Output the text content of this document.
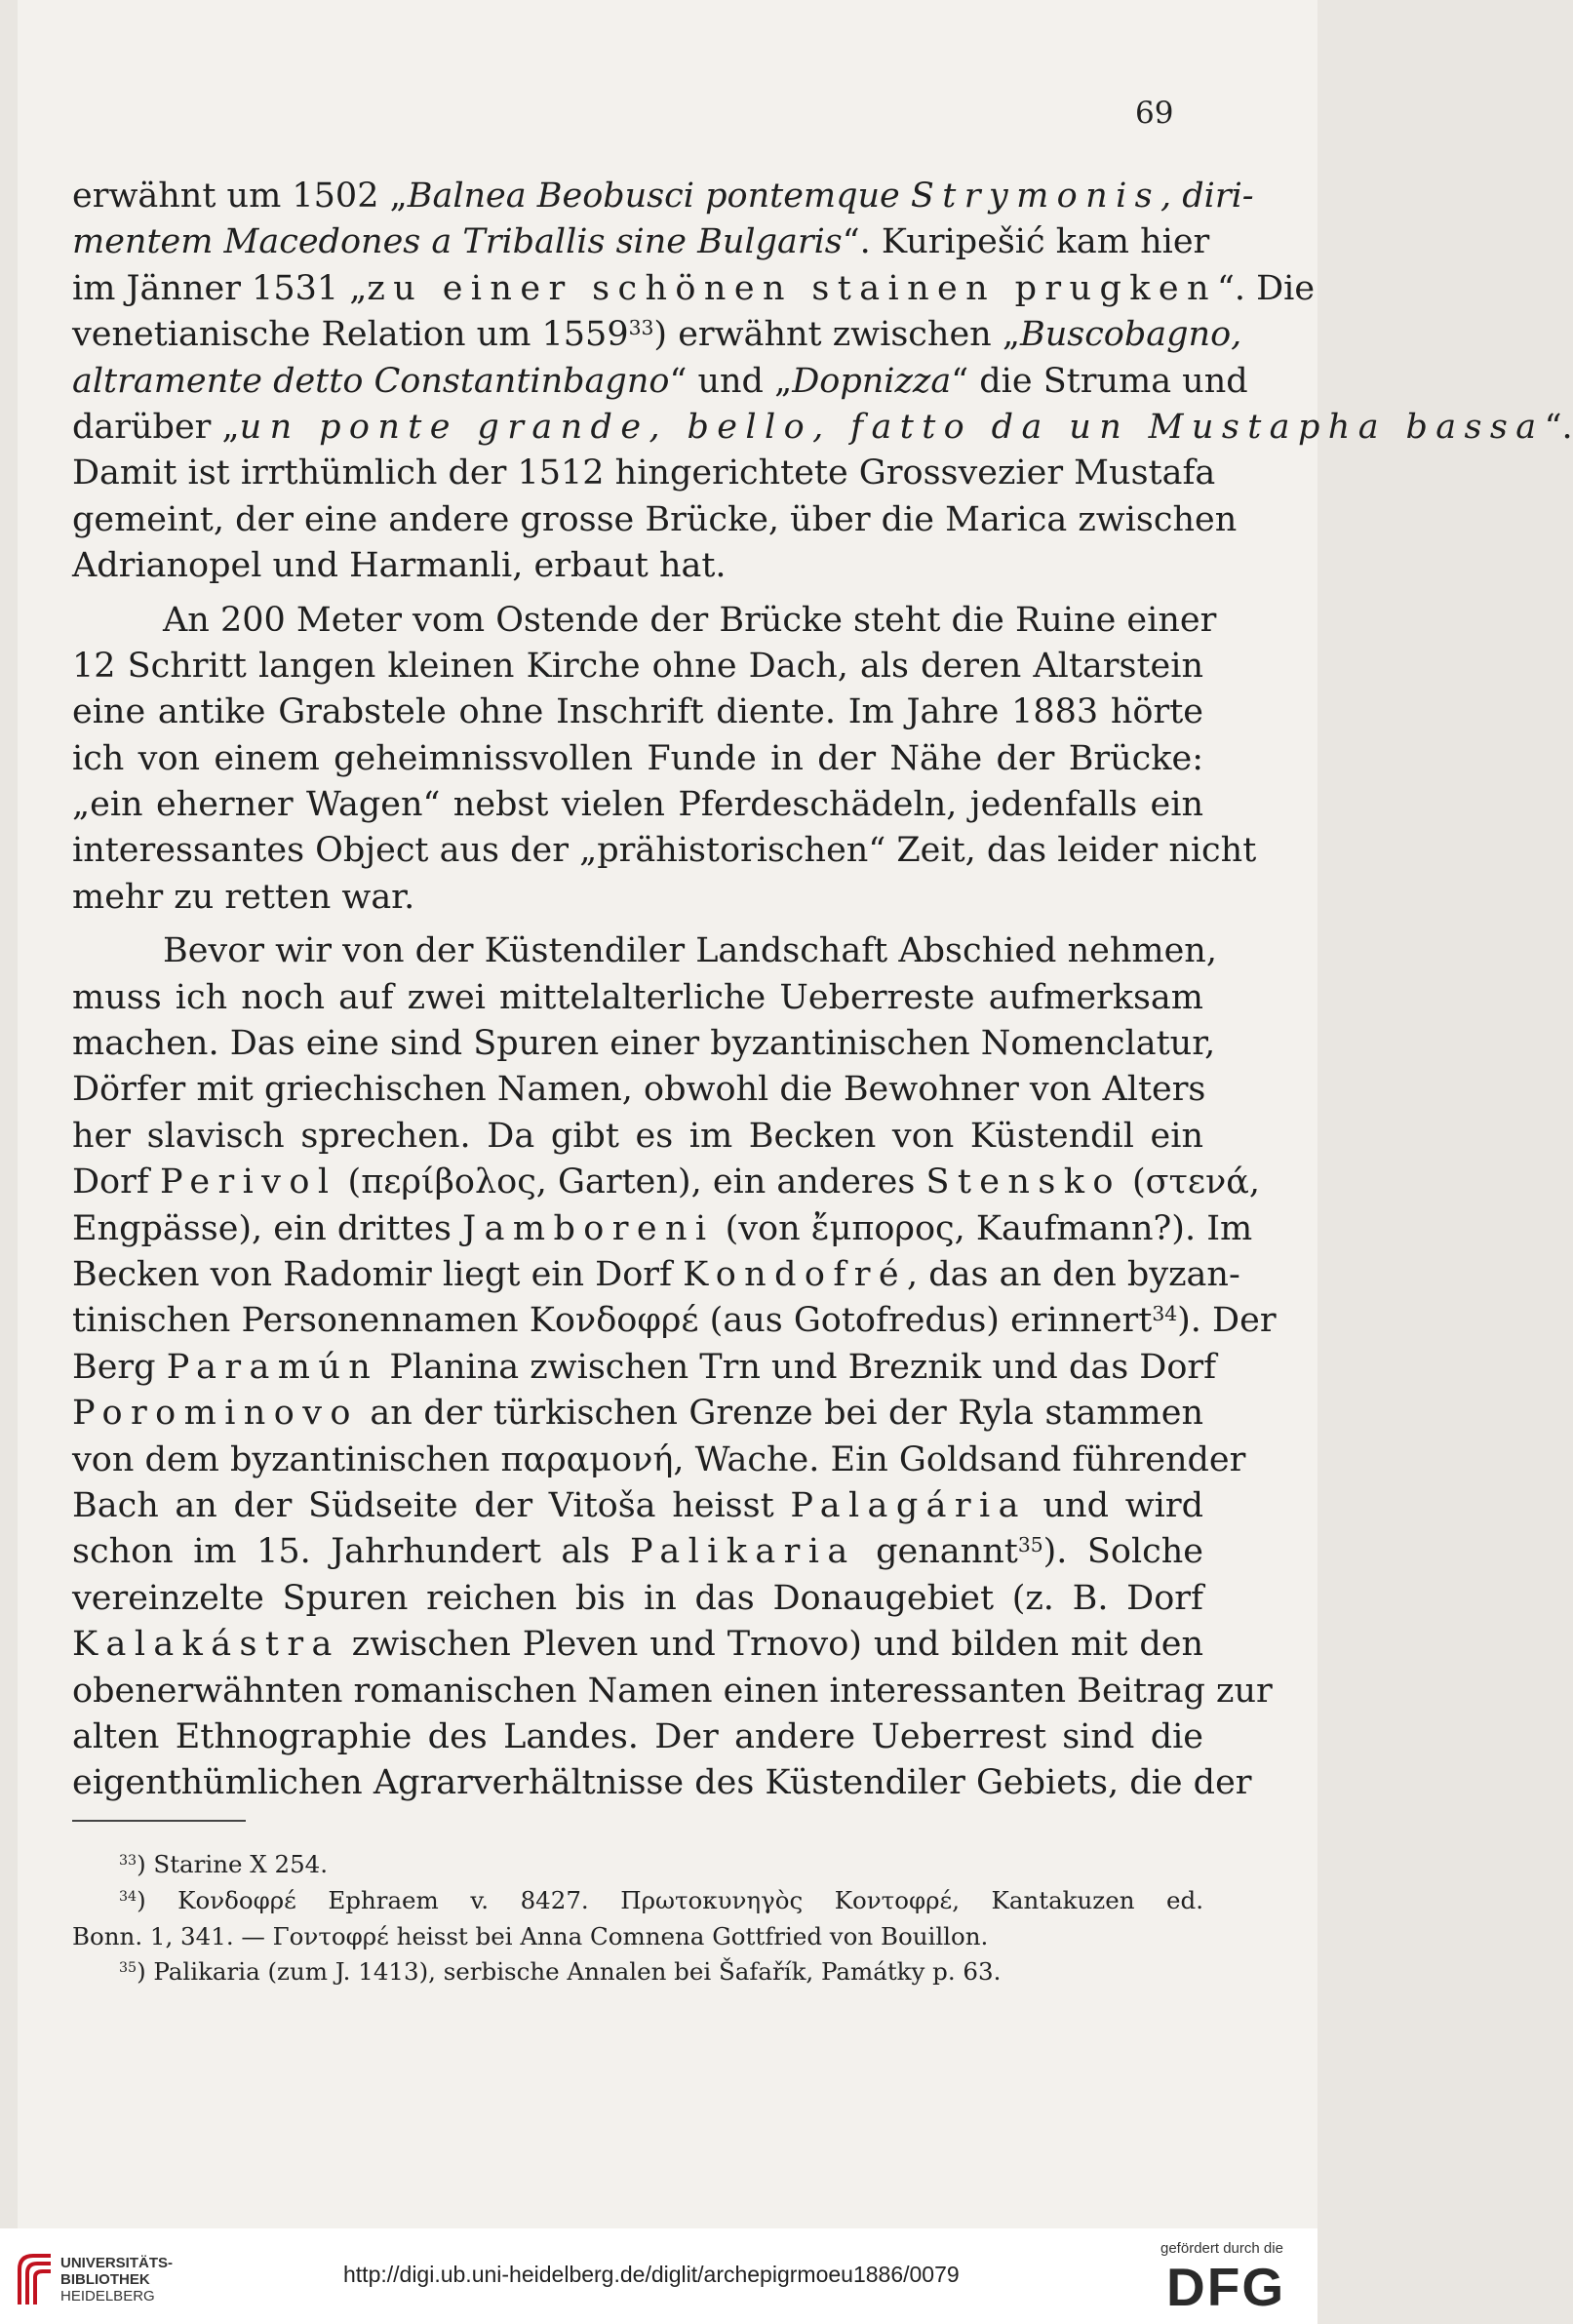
69
erwähnt um 1502 „Balnea Beobusci pontemque Strymonis, diri-
mentem Macedones a Triballis sine Bulgaris“. Kuripešić kam hier
im Jänner 1531 „zu einer schönen stainen prugken“. Die
venetianische Relation um 1559$^{33}$) erwähnt zwischen „Buscobagno,
altramente detto Constantinbagno“ und „Dopnizza“ die Struma und
darüber „un ponte grande, bello, fatto da un Mustapha bassa“.
Damit ist irrthümlich der 1512 hingerichtete Grossvezier Mustafa
gemeint, der eine andere grosse Brücke, über die Marica zwischen
Adrianopel und Harmanli, erbaut hat.
An 200 Meter vom Ostende der Brücke steht die Ruine einer
12 Schritt langen kleinen Kirche ohne Dach, als deren Altarstein
eine antike Grabstele ohne Inschrift diente. Im Jahre 1883 hörte
ich von einem geheimnissvollen Funde in der Nähe der Brücke:
„ein eherner Wagen“ nebst vielen Pferdeschädeln, jedenfalls ein
interessantes Object aus der „prähistorischen“ Zeit, das leider nicht
mehr zu retten war.
Bevor wir von der Küstendiler Landschaft Abschied nehmen,
muss ich noch auf zwei mittelalterliche Ueberreste aufmerksam
machen. Das eine sind Spuren einer byzantinischen Nomenclatur,
Dörfer mit griechischen Namen, obwohl die Bewohner von Alters
her slavisch sprechen. Da gibt es im Becken von Küstendil ein
Dorf Perivol (περίβολος, Garten), ein anderes Stensko (στενά,
Engpässe), ein drittes Jamboreni (von ἔμπορος, Kaufmann?). Im
Becken von Radomir liegt ein Dorf Kondofré, das an den byzan-
tinischen Personennamen Κονδοφρέ (aus Gotofredus) erinnert$^{34}$). Der
Berg Paramún Planina zwischen Trn und Breznik und das Dorf
Porominovo an der türkischen Grenze bei der Ryla stammen
von dem byzantinischen παραμονή, Wache. Ein Goldsand führender
Bach an der Südseite der Vitoša heisst Palagária und wird
schon im 15. Jahrhundert als Palikaria genannt$^{35}$). Solche
vereinzelte Spuren reichen bis in das Donaugebiet (z. B. Dorf
Kalakástra zwischen Pleven und Trnovo) und bilden mit den
obenerwähnten romanischen Namen einen interessanten Beitrag zur
alten Ethnographie des Landes. Der andere Ueberrest sind die
eigenthümlichen Agrarverhältnisse des Küstendiler Gebiets, die der
$^{33}$) Starine X 254.
$^{34}$) Κονδοφρέ Ephraem v. 8427. Πρωτοκυνηγὸς Κοντοφρέ, Kantakuzen ed.
Bonn. 1, 341. — Γοντοφρέ heisst bei Anna Comnena Gottfried von Bouillon.
$^{35}$) Palikaria (zum J. 1413), serbische Annalen bei Šafařík, Památky p. 63.
UNIVERSITÄTS-
BIBLIOTHEK
HEIDELBERG
http://digi.ub.uni-heidelberg.de/diglit/archepigrmoeu1886/0079
gefördert durch die
DFG
